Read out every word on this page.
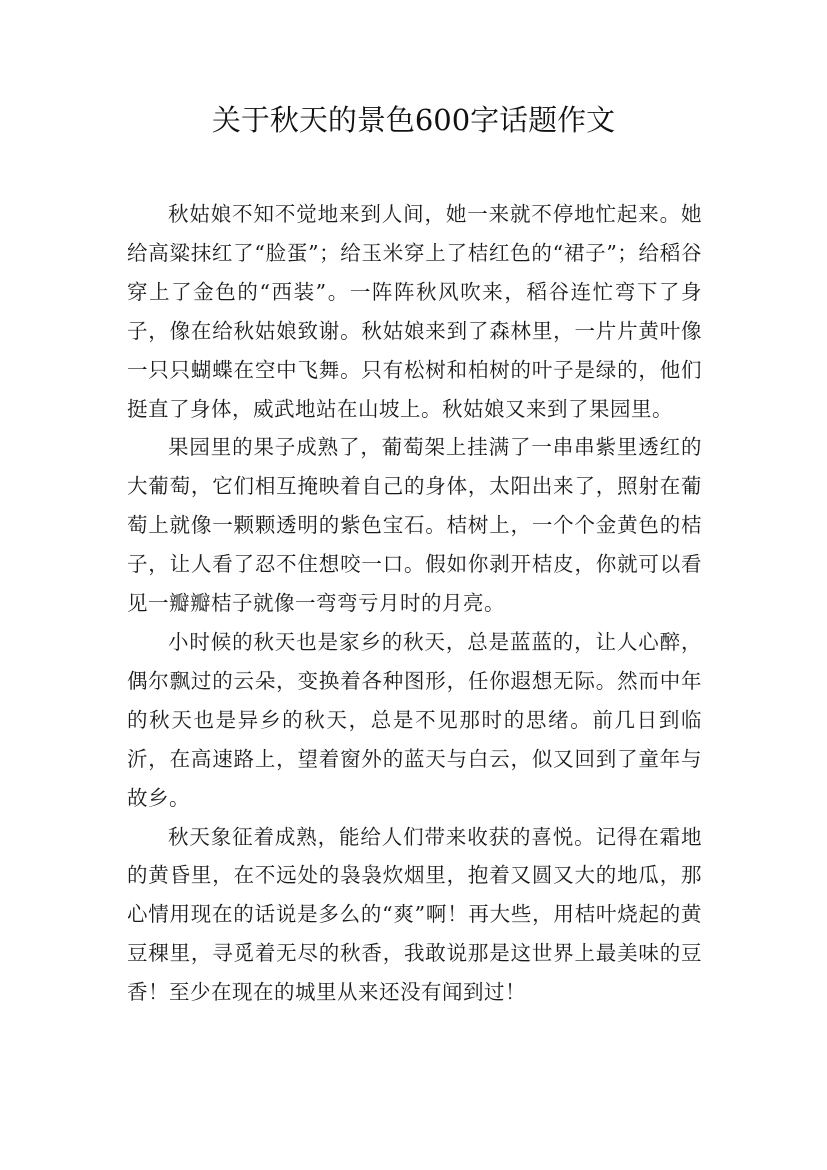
关于秋天的景色600字话题作文

秋姑娘不知不觉地来到人间，她一来就不停地忙起来。她给高粱抹红了“脸蛋”；给玉米穿上了桔红色的“裙子”；给稻谷穿上了金色的“西装”。一阵阵秋风吹来，稻谷连忙弯下了身子，像在给秋姑娘致谢。秋姑娘来到了森林里，一片片黄叶像一只只蝴蝶在空中飞舞。只有松树和柏树的叶子是绿的，他们挺直了身体，威武地站在山坡上。秋姑娘又来到了果园里。

果园里的果子成熟了，葡萄架上挂满了一串串紫里透红的大葡萄，它们相互掩映着自己的身体，太阳出来了，照射在葡萄上就像一颗颗透明的紫色宝石。桔树上，一个个金黄色的桔子，让人看了忍不住想咬一口。假如你剥开桔皮，你就可以看见一瓣瓣桔子就像一弯弯亏月时的月亮。

小时候的秋天也是家乡的秋天，总是蓝蓝的，让人心醉，偶尔飘过的云朵，变换着各种图形，任你遐想无际。然而中年的秋天也是异乡的秋天，总是不见那时的思绪。前几日到临沂，在高速路上，望着窗外的蓝天与白云，似又回到了童年与故乡。

秋天象征着成熟，能给人们带来收获的喜悦。记得在霜地的黄昏里，在不远处的袅袅炊烟里，抱着又圆又大的地瓜，那心情用现在的话说是多么的“爽”啊！再大些，用桔叶烧起的黄豆稞里，寻觅着无尽的秋香，我敢说那是这世界上最美味的豆香！至少在现在的城里从来还没有闻到过！
